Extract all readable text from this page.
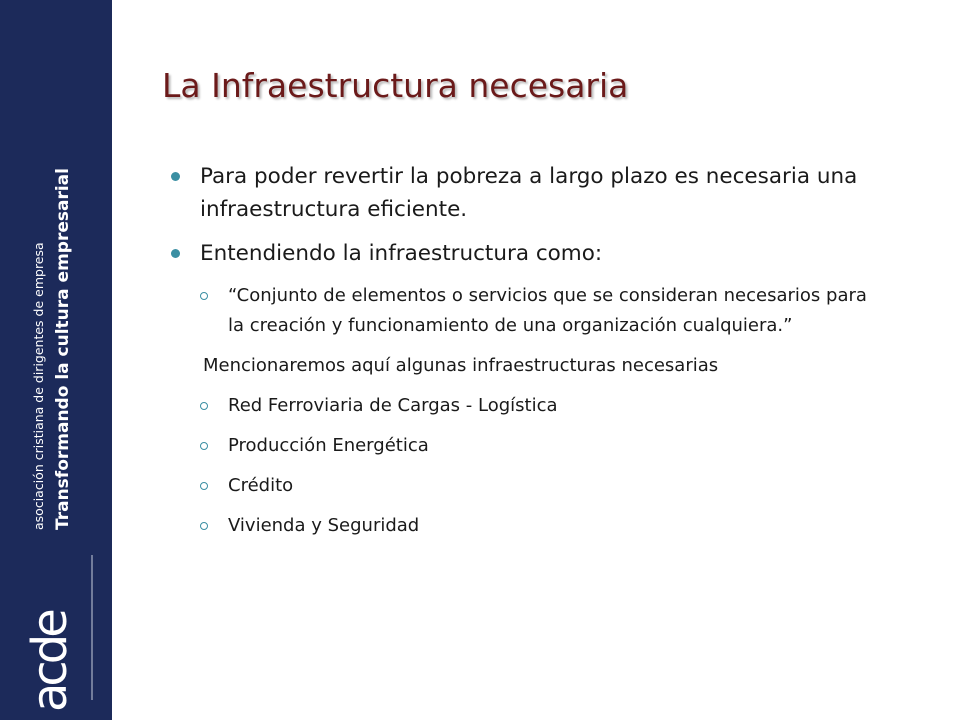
asociación cristiana de dirigentes de empresa Transformando la cultura empresarial
acde
La Infraestructura necesaria
Para poder revertir la pobreza a largo plazo es necesaria una infraestructura eficiente.
Entendiendo la infraestructura como:
“Conjunto de elementos o servicios que se consideran necesarios para la creación y funcionamiento de una organización cualquiera.”
Mencionaremos aquí algunas infraestructuras necesarias
Red Ferroviaria de Cargas - Logística
Producción Energética
Crédito
Vivienda y Seguridad
